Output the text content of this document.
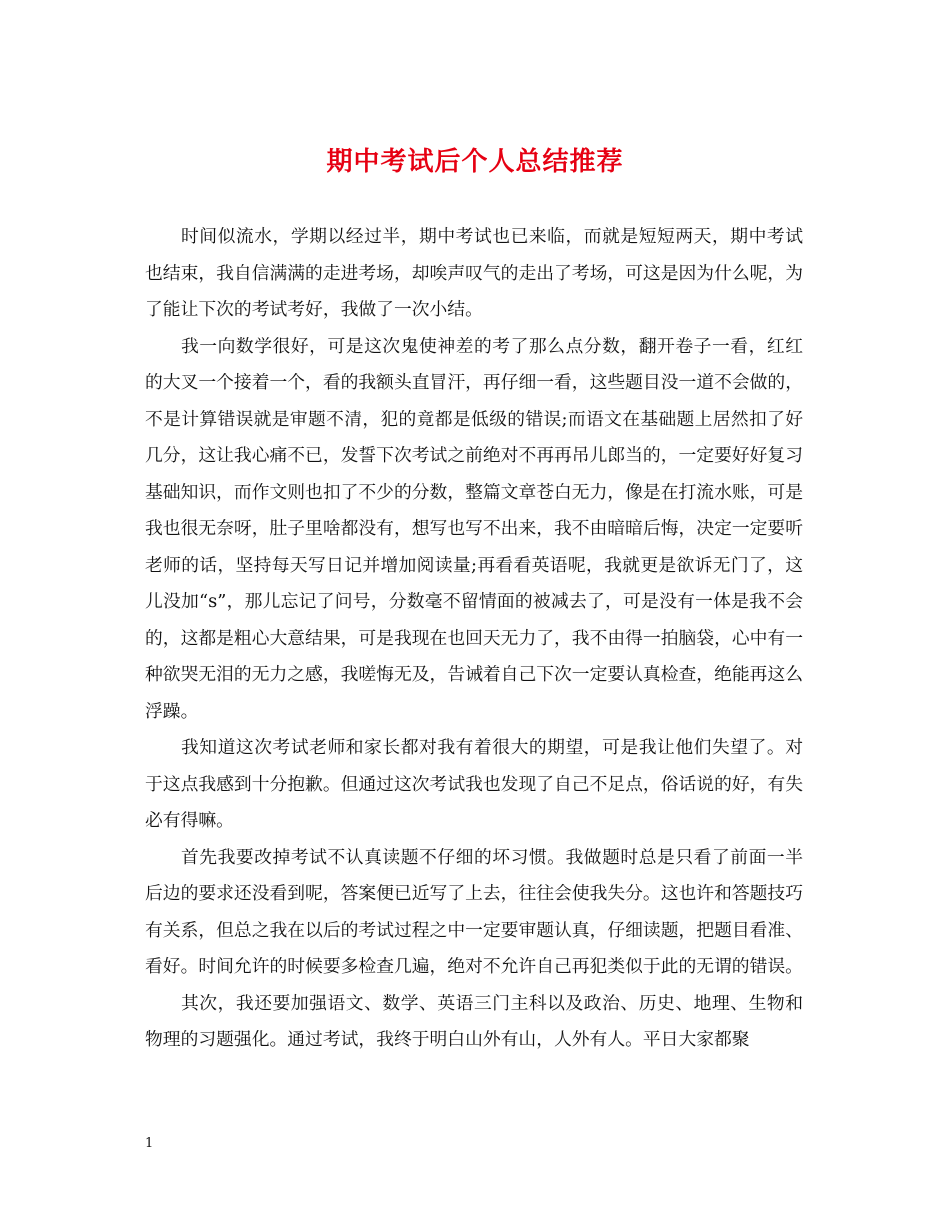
期中考试后个人总结推荐

时间似流水，学期以经过半，期中考试也已来临，而就是短短两天，期中考试也结束，我自信满满的走进考场，却唉声叹气的走出了考场，可这是因为什么呢，为了能让下次的考试考好，我做了一次小结。

我一向数学很好，可是这次鬼使神差的考了那么点分数，翻开卷子一看，红红的大叉一个接着一个，看的我额头直冒汗，再仔细一看，这些题目没一道不会做的，不是计算错误就是审题不清，犯的竟都是低级的错误;而语文在基础题上居然扣了好几分，这让我心痛不已，发誓下次考试之前绝对不再再吊儿郎当的，一定要好好复习基础知识，而作文则也扣了不少的分数，整篇文章苍白无力，像是在打流水账，可是我也很无奈呀，肚子里啥都没有，想写也写不出来，我不由暗暗后悔，决定一定要听老师的话，坚持每天写日记并增加阅读量;再看看英语呢，我就更是欲诉无门了，这儿没加“s”，那儿忘记了问号，分数毫不留情面的被减去了，可是没有一体是我不会的，这都是粗心大意结果，可是我现在也回天无力了，我不由得一拍脑袋，心中有一种欲哭无泪的无力之感，我嗟悔无及，告诫着自己下次一定要认真检查，绝能再这么浮躁。

我知道这次考试老师和家长都对我有着很大的期望，可是我让他们失望了。对于这点我感到十分抱歉。但通过这次考试我也发现了自己不足点，俗话说的好，有失必有得嘛。

首先我要改掉考试不认真读题不仔细的坏习惯。我做题时总是只看了前面一半后边的要求还没看到呢，答案便已近写了上去，往往会使我失分。这也许和答题技巧有关系，但总之我在以后的考试过程之中一定要审题认真，仔细读题，把题目看准、看好。时间允许的时候要多检查几遍，绝对不允许自己再犯类似于此的无谓的错误。

其次，我还要加强语文、数学、英语三门主科以及政治、历史、地理、生物和物理的习题强化。通过考试，我终于明白山外有山，人外有人。平日大家都聚

1
